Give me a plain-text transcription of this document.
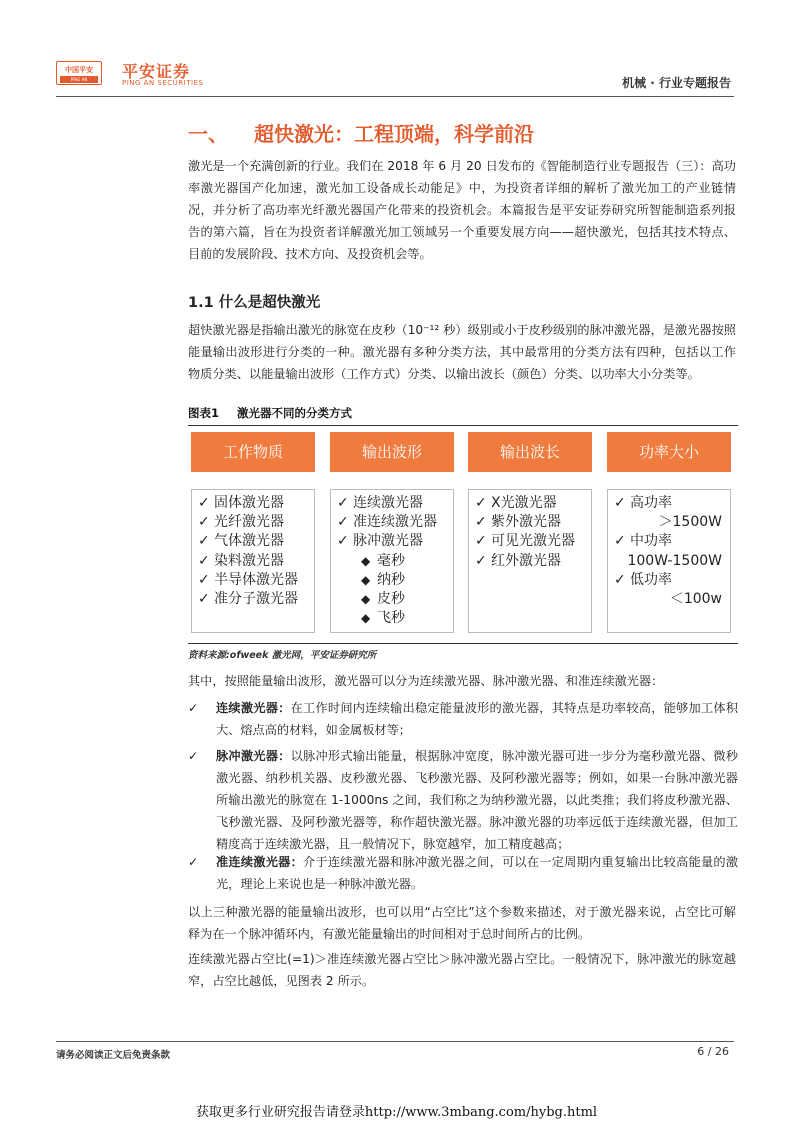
中国平安
PING AN	平安证券
PING AN SECURITIES	机械 · 行业专题报告
一、 超快激光：工程顶端，科学前沿
激光是一个充满创新的行业。我们在 2018 年 6 月 20 日发布的《智能制造行业专题报告（三）：高功率激光器国产化加速，激光加工设备成长动能足》中，为投资者详细的解析了激光加工的产业链情况，并分析了高功率光纤激光器国产化带来的投资机会。本篇报告是平安证券研究所智能制造系列报告的第六篇，旨在为投资者详解激光加工领域另一个重要发展方向——超快激光，包括其技术特点、目前的发展阶段、技术方向、及投资机会等。
1.1 什么是超快激光
超快激光器是指输出激光的脉宽在皮秒（10⁻¹² 秒）级别或小于皮秒级别的脉冲激光器，是激光器按照能量输出波形进行分类的一种。激光器有多种分类方法，其中最常用的分类方法有四种，包括以工作物质分类、以能量输出波形（工作方式）分类、以输出波长（颜色）分类、以功率大小分类等。
图表1 激光器不同的分类方式
工作物质	输出波形	输出波长	功率大小
✓ 固体激光器
✓ 光纤激光器
✓ 气体激光器
✓ 染料激光器
✓ 半导体激光器
✓ 准分子激光器
✓ 连续激光器
✓ 准连续激光器
✓ 脉冲激光器
◆ 毫秒
◆ 纳秒
◆ 皮秒
◆ 飞秒
✓ X光激光器
✓ 紫外激光器
✓ 可见光激光器
✓ 红外激光器
✓ 高功率
＞1500W
✓ 中功率
100W-1500W
✓ 低功率
＜100w
资料来源:ofweek 激光网，平安证券研究所
其中，按照能量输出波形，激光器可以分为连续激光器、脉冲激光器、和准连续激光器：
✓	连续激光器：在工作时间内连续输出稳定能量波形的激光器，其特点是功率较高，能够加工体积大、熔点高的材料，如金属板材等；
✓	脉冲激光器：以脉冲形式输出能量，根据脉冲宽度，脉冲激光器可进一步分为毫秒激光器、微秒激光器、纳秒机关器、皮秒激光器、飞秒激光器、及阿秒激光器等；例如，如果一台脉冲激光器所输出激光的脉宽在 1-1000ns 之间，我们称之为纳秒激光器，以此类推；我们将皮秒激光器、飞秒激光器、及阿秒激光器等，称作超快激光器。脉冲激光器的功率远低于连续激光器，但加工精度高于连续激光器，且一般情况下，脉宽越窄，加工精度越高；
✓	准连续激光器：介于连续激光器和脉冲激光器之间，可以在一定周期内重复输出比较高能量的激光，理论上来说也是一种脉冲激光器。
以上三种激光器的能量输出波形，也可以用“占空比”这个参数来描述，对于激光器来说，占空比可解释为在一个脉冲循环内，有激光能量输出的时间相对于总时间所占的比例。
连续激光器占空比(=1)＞准连续激光器占空比＞脉冲激光器占空比。一般情况下，脉冲激光的脉宽越窄，占空比越低，见图表 2 所示。
请务必阅读正文后免责条款	6 / 26
获取更多行业研究报告请登录http://www.3mbang.com/hybg.html
